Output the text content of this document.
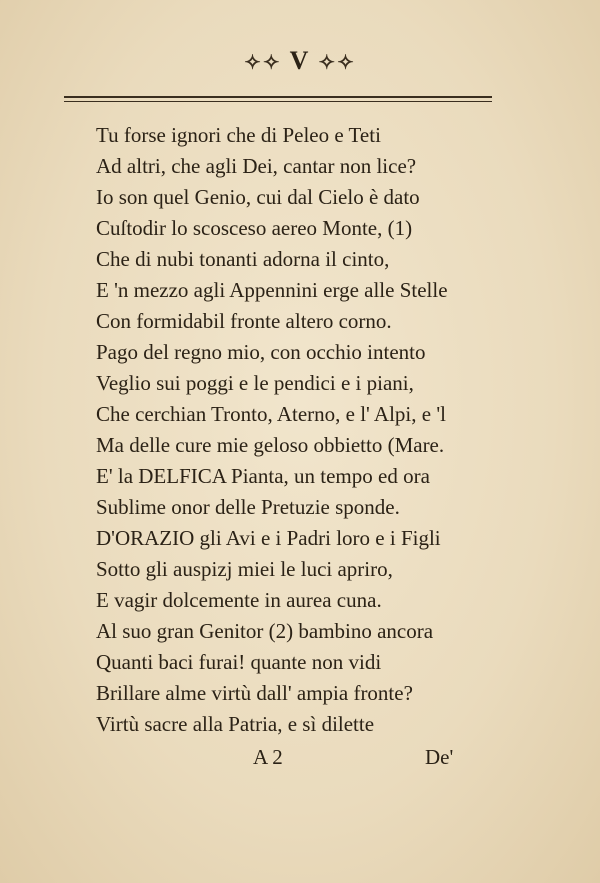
✧✧ V ✧✧
Tu forse ignori che di Peleo e Teti
Ad altri, che agli Dei, cantar non lice?
Io son quel Genio, cui dal Cielo è dato
Cuſtodir lo scosceso aereo Monte, (1)
Che di nubi tonanti adorna il cinto,
E 'n mezzo agli Appennini erge alle Stelle
Con formidabil fronte altero corno.
Pago del regno mio, con occhio intento
Veglio sui poggi e le pendici e i piani,
Che cerchian Tronto, Aterno, e l' Alpi, e 'l
Ma delle cure mie geloso obbietto (Mare.
E' la DELFICA Pianta, un tempo ed ora
Sublime onor delle Pretuzie sponde.
D'ORAZIO gli Avi e i Padri loro e i Figli
Sotto gli auspizj miei le luci apriro,
E vagir dolcemente in aurea cuna.
Al suo gran Genitor (2) bambino ancora
Quanti baci furai! quante non vidi
Brillare alme virtù dall' ampia fronte?
Virtù sacre alla Patria, e sì dilette
A 2	De'
